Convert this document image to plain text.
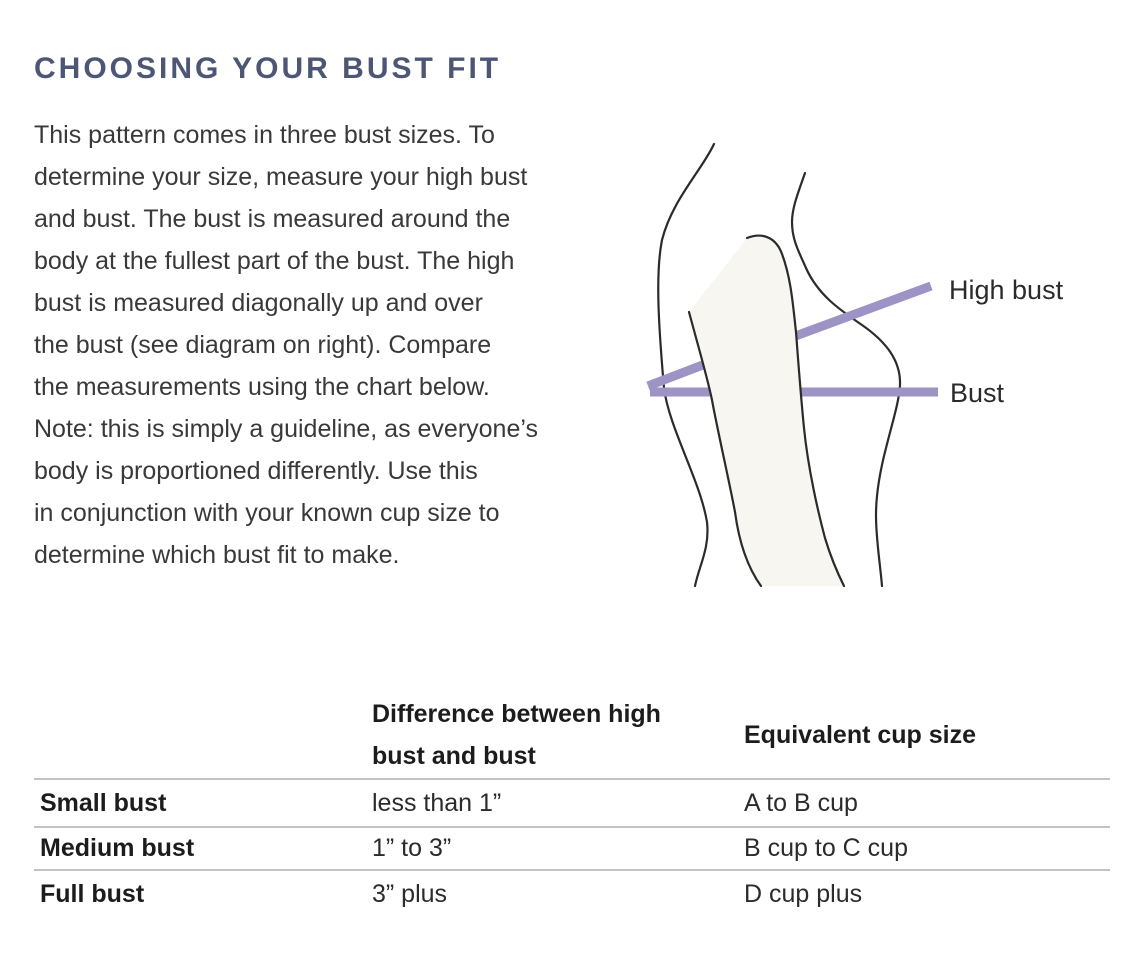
CHOOSING YOUR BUST FIT
This pattern comes in three bust sizes. To
determine your size, measure your high bust
and bust. The bust is measured around the
body at the fullest part of the bust. The high
bust is measured diagonally up and over
the bust (see diagram on right). Compare
the measurements using the chart below.
Note: this is simply a guideline, as everyone’s
body is proportioned differently. Use this
in conjunction with your known cup size to
determine which bust fit to make.
High bust
Bust
Difference between high bust and bust
Equivalent cup size
Small bust	less than 1”	A to B cup
Medium bust	1” to 3”	B cup to C cup
Full bust	3” plus	D cup plus
